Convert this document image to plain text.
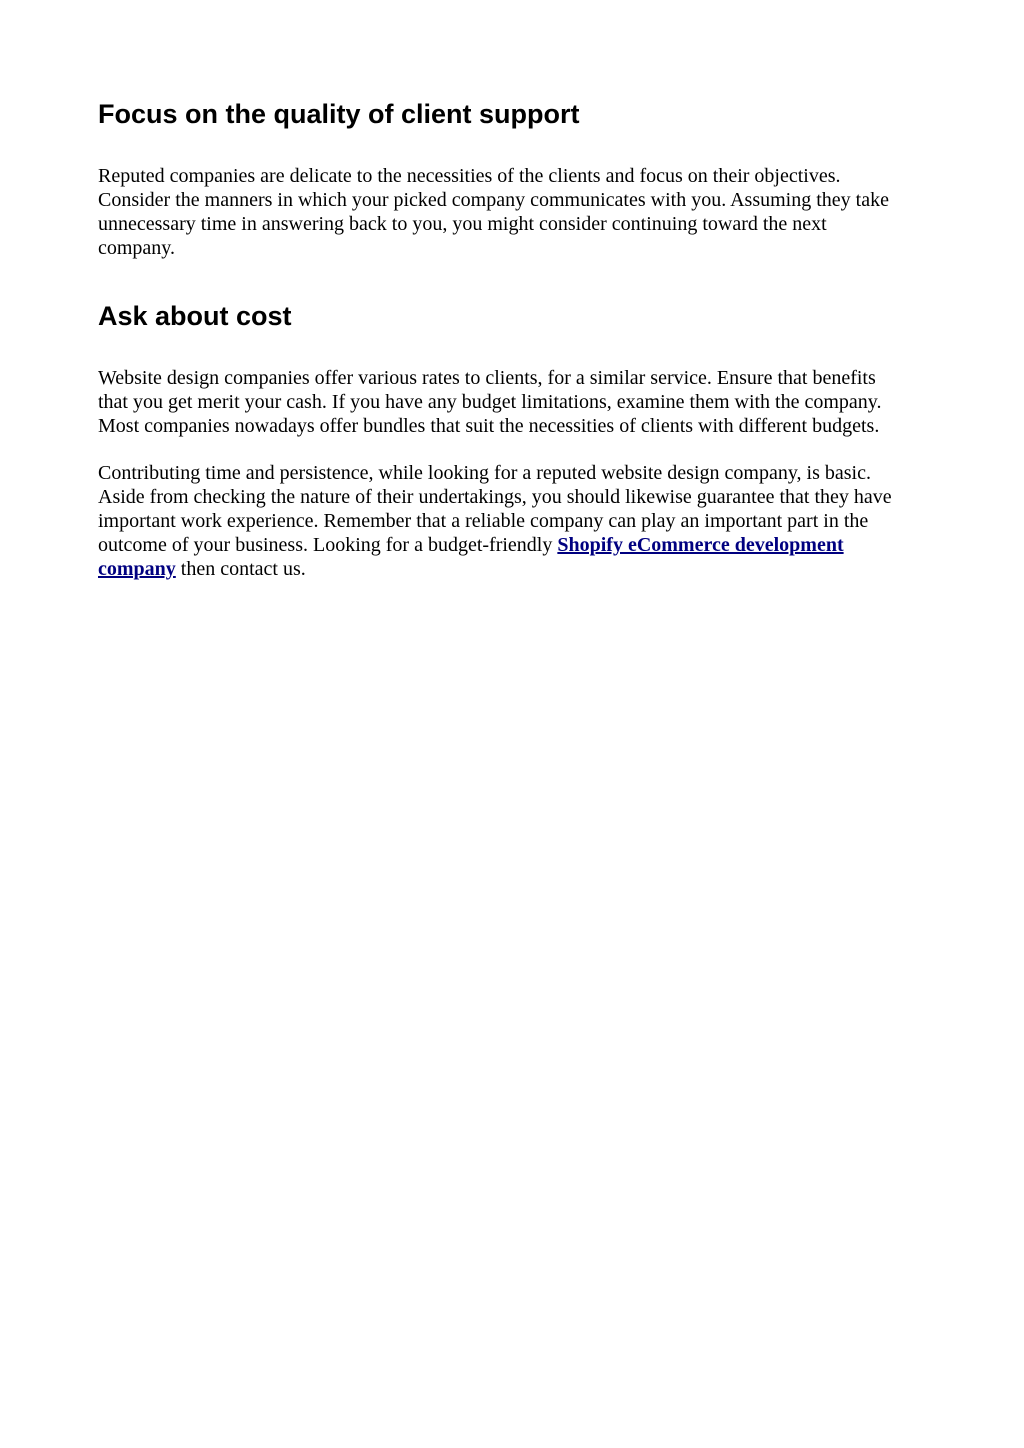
Focus on the quality of client support

Reputed companies are delicate to the necessities of the clients and focus on their objectives.
Consider the manners in which your picked company communicates with you. Assuming they take
unnecessary time in answering back to you, you might consider continuing toward the next
company.

Ask about cost

Website design companies offer various rates to clients, for a similar service. Ensure that benefits
that you get merit your cash. If you have any budget limitations, examine them with the company.
Most companies nowadays offer bundles that suit the necessities of clients with different budgets.

Contributing time and persistence, while looking for a reputed website design company, is basic.
Aside from checking the nature of their undertakings, you should likewise guarantee that they have
important work experience. Remember that a reliable company can play an important part in the
outcome of your business. Looking for a budget-friendly Shopify eCommerce development
company then contact us.
